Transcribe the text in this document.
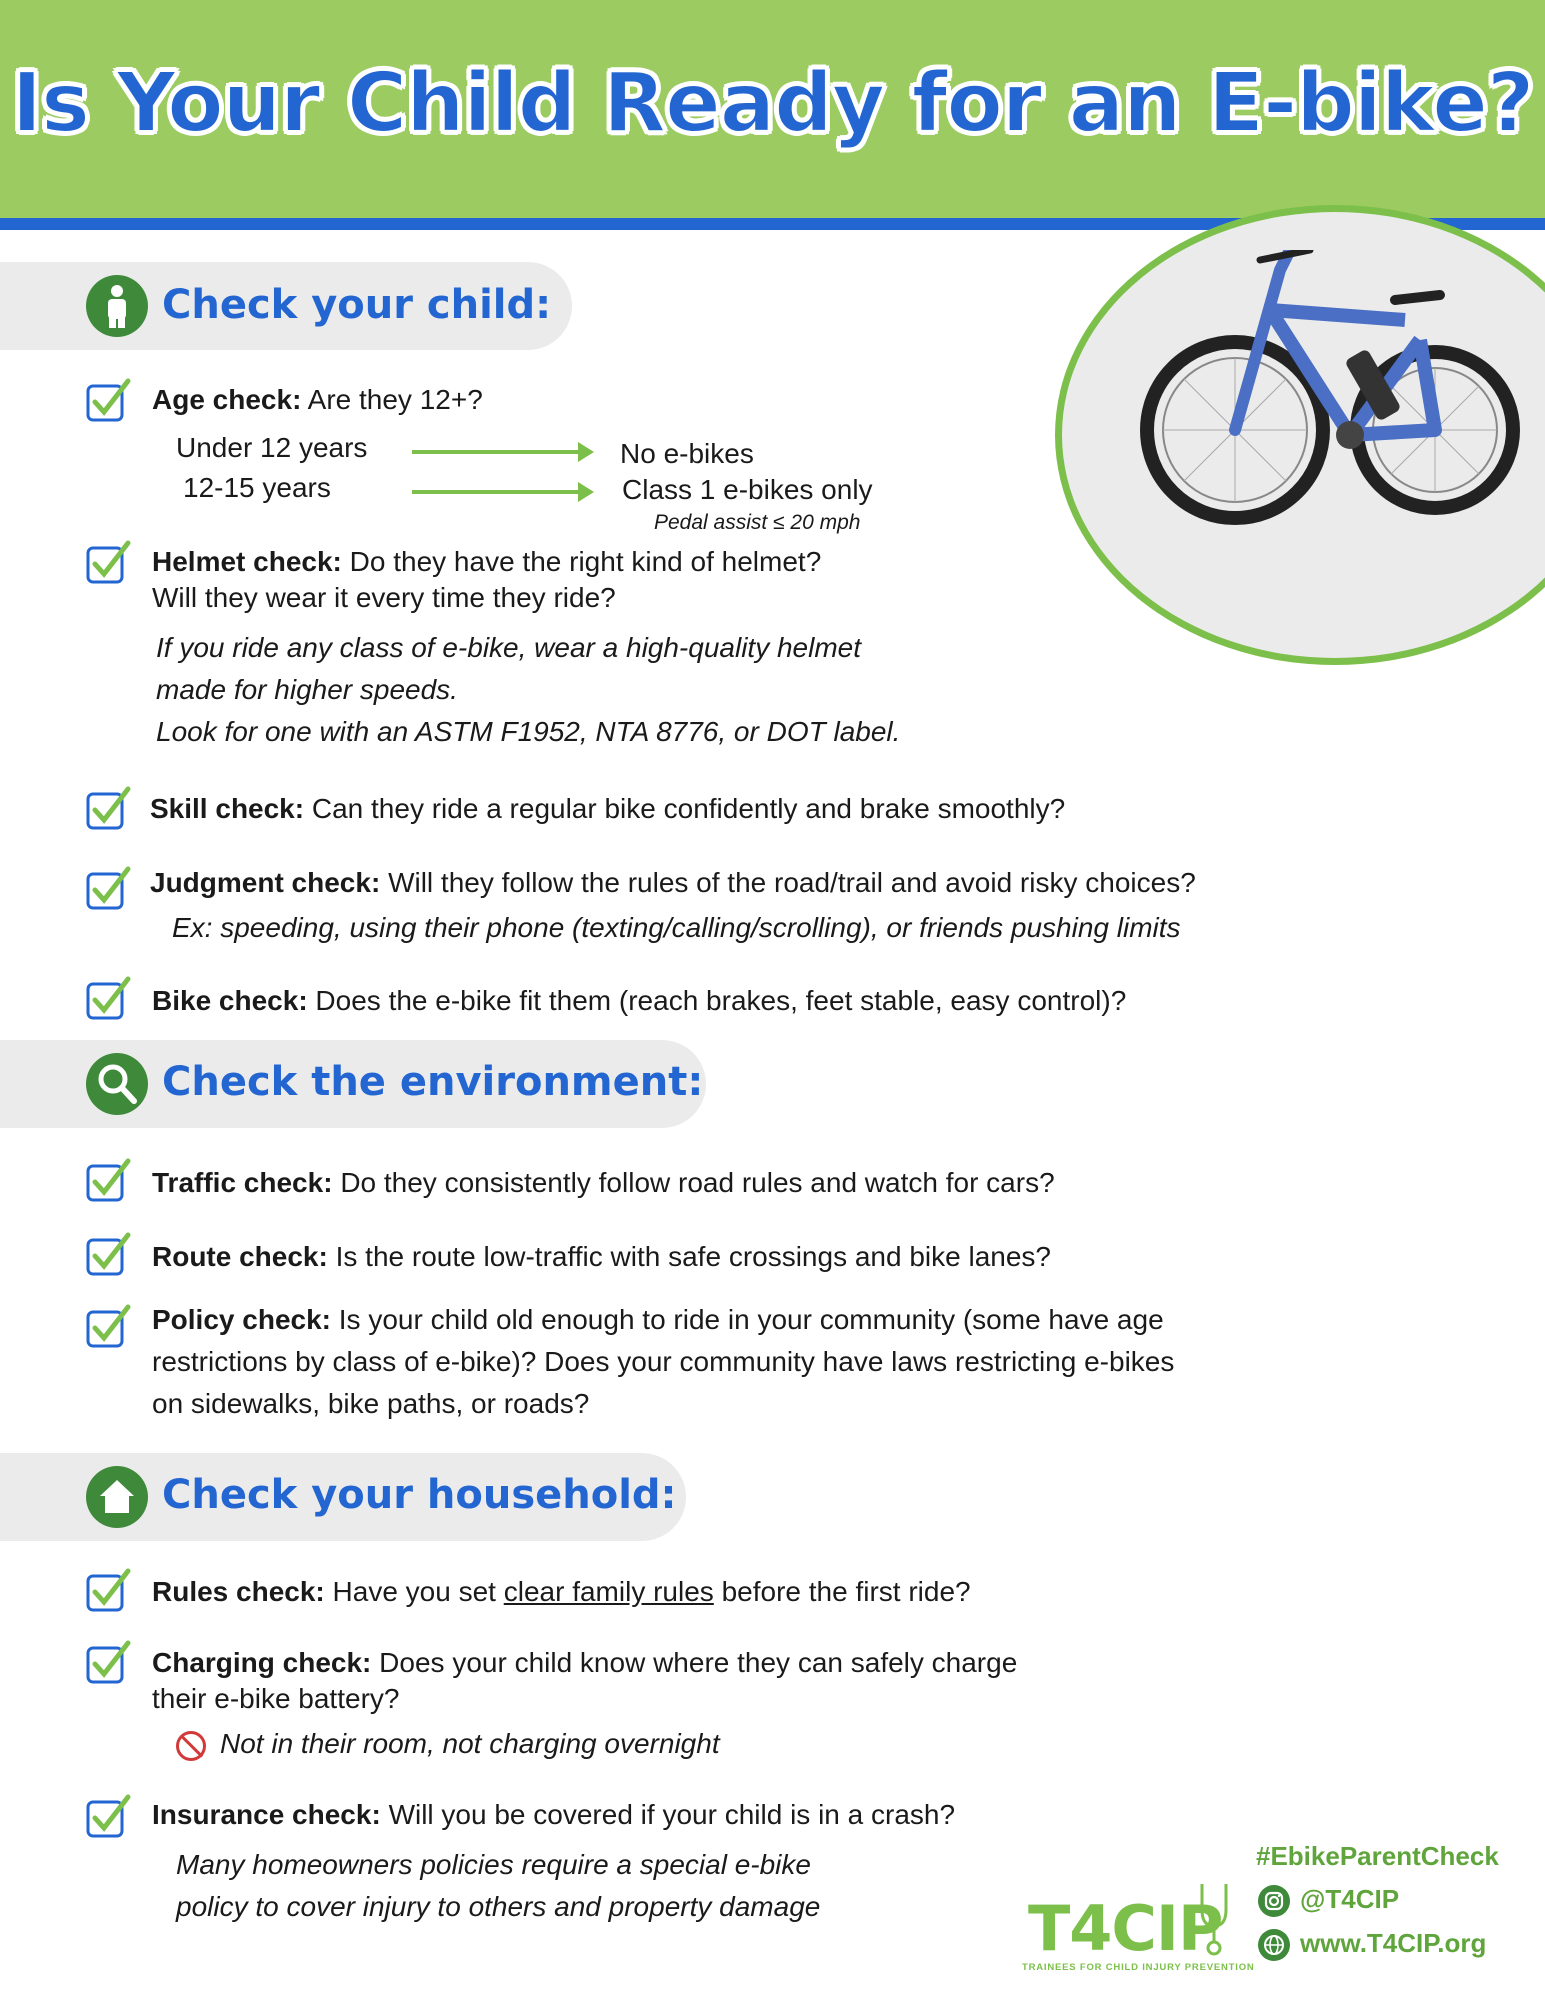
Is Your Child Ready for an E-bike?
Check your child:
Age check: Are they 12+?
Under 12 years	No e-bikes
12-15 years	Class 1 e-bikes only
Pedal assist ≤ 20 mph
Helmet check: Do they have the right kind of helmet?
Will they wear it every time they ride?
If you ride any class of e-bike, wear a high-quality helmet
made for higher speeds.
Look for one with an ASTM F1952, NTA 8776, or DOT label.
Skill check: Can they ride a regular bike confidently and brake smoothly?
Judgment check: Will they follow the rules of the road/trail and avoid risky choices?
Ex: speeding, using their phone (texting/calling/scrolling), or friends pushing limits
Bike check: Does the e-bike fit them (reach brakes, feet stable, easy control)?
Check the environment:
Traffic check: Do they consistently follow road rules and watch for cars?
Route check: Is the route low-traffic with safe crossings and bike lanes?
Policy check: Is your child old enough to ride in your community (some have age
restrictions by class of e-bike)? Does your community have laws restricting e-bikes
on sidewalks, bike paths, or roads?
Check your household:
Rules check: Have you set clear family rules before the first ride?
Charging check: Does your child know where they can safely charge
their e-bike battery?
Not in their room, not charging overnight
Insurance check: Will you be covered if your child is in a crash?
Many homeowners policies require a special e-bike
policy to cover injury to others and property damage	T4CIP
TRAINEES FOR CHILD INJURY PREVENTION
#EbikeParentCheck
@T4CIP
www.T4CIP.org
